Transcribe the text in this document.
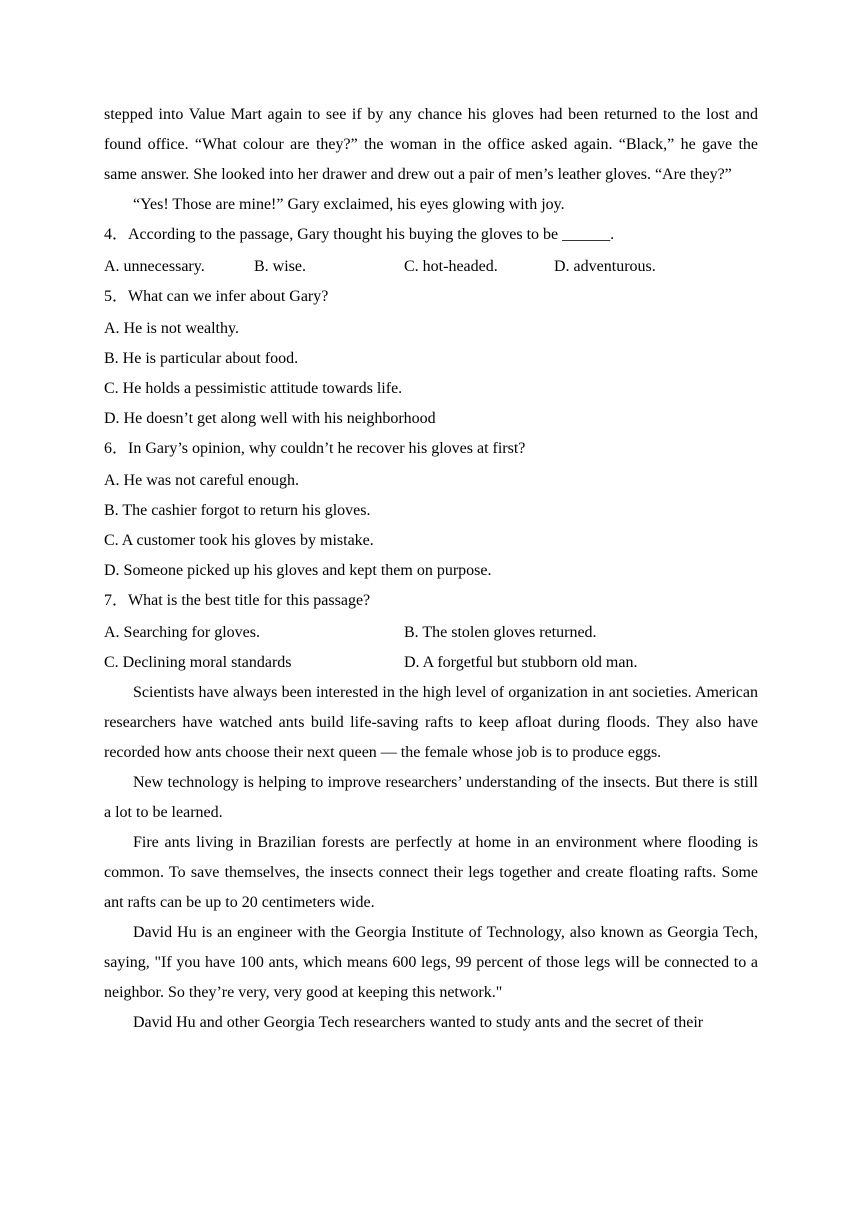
stepped into Value Mart again to see if by any chance his gloves had been returned to the lost and found office. “What colour are they?” the woman in the office asked again. “Black,” he gave the same answer. She looked into her drawer and drew out a pair of men’s leather gloves. “Are they?”

“Yes! Those are mine!” Gary exclaimed, his eyes glowing with joy.

4．According to the passage, Gary thought his buying the gloves to be ______.

A. unnecessary.	B. wise.	C. hot-headed.	D. adventurous.

5．What can we infer about Gary?

A. He is not wealthy.

B. He is particular about food.

C. He holds a pessimistic attitude towards life.

D. He doesn’t get along well with his neighborhood

6．In Gary’s opinion, why couldn’t he recover his gloves at first?

A. He was not careful enough.

B. The cashier forgot to return his gloves.

C. A customer took his gloves by mistake.

D. Someone picked up his gloves and kept them on purpose.

7．What is the best title for this passage?

A. Searching for gloves.	B. The stolen gloves returned.
C. Declining moral standards	D. A forgetful but stubborn old man.

Scientists have always been interested in the high level of organization in ant societies. American researchers have watched ants build life-saving rafts to keep afloat during floods. They also have recorded how ants choose their next queen — the female whose job is to produce eggs.

New technology is helping to improve researchers’ understanding of the insects. But there is still a lot to be learned.

Fire ants living in Brazilian forests are perfectly at home in an environment where flooding is common. To save themselves, the insects connect their legs together and create floating rafts. Some ant rafts can be up to 20 centimeters wide.

David Hu is an engineer with the Georgia Institute of Technology, also known as Georgia Tech, saying, "If you have 100 ants, which means 600 legs, 99 percent of those legs will be connected to a neighbor. So they’re very, very good at keeping this network."

David Hu and other Georgia Tech researchers wanted to study ants and the secret of their
